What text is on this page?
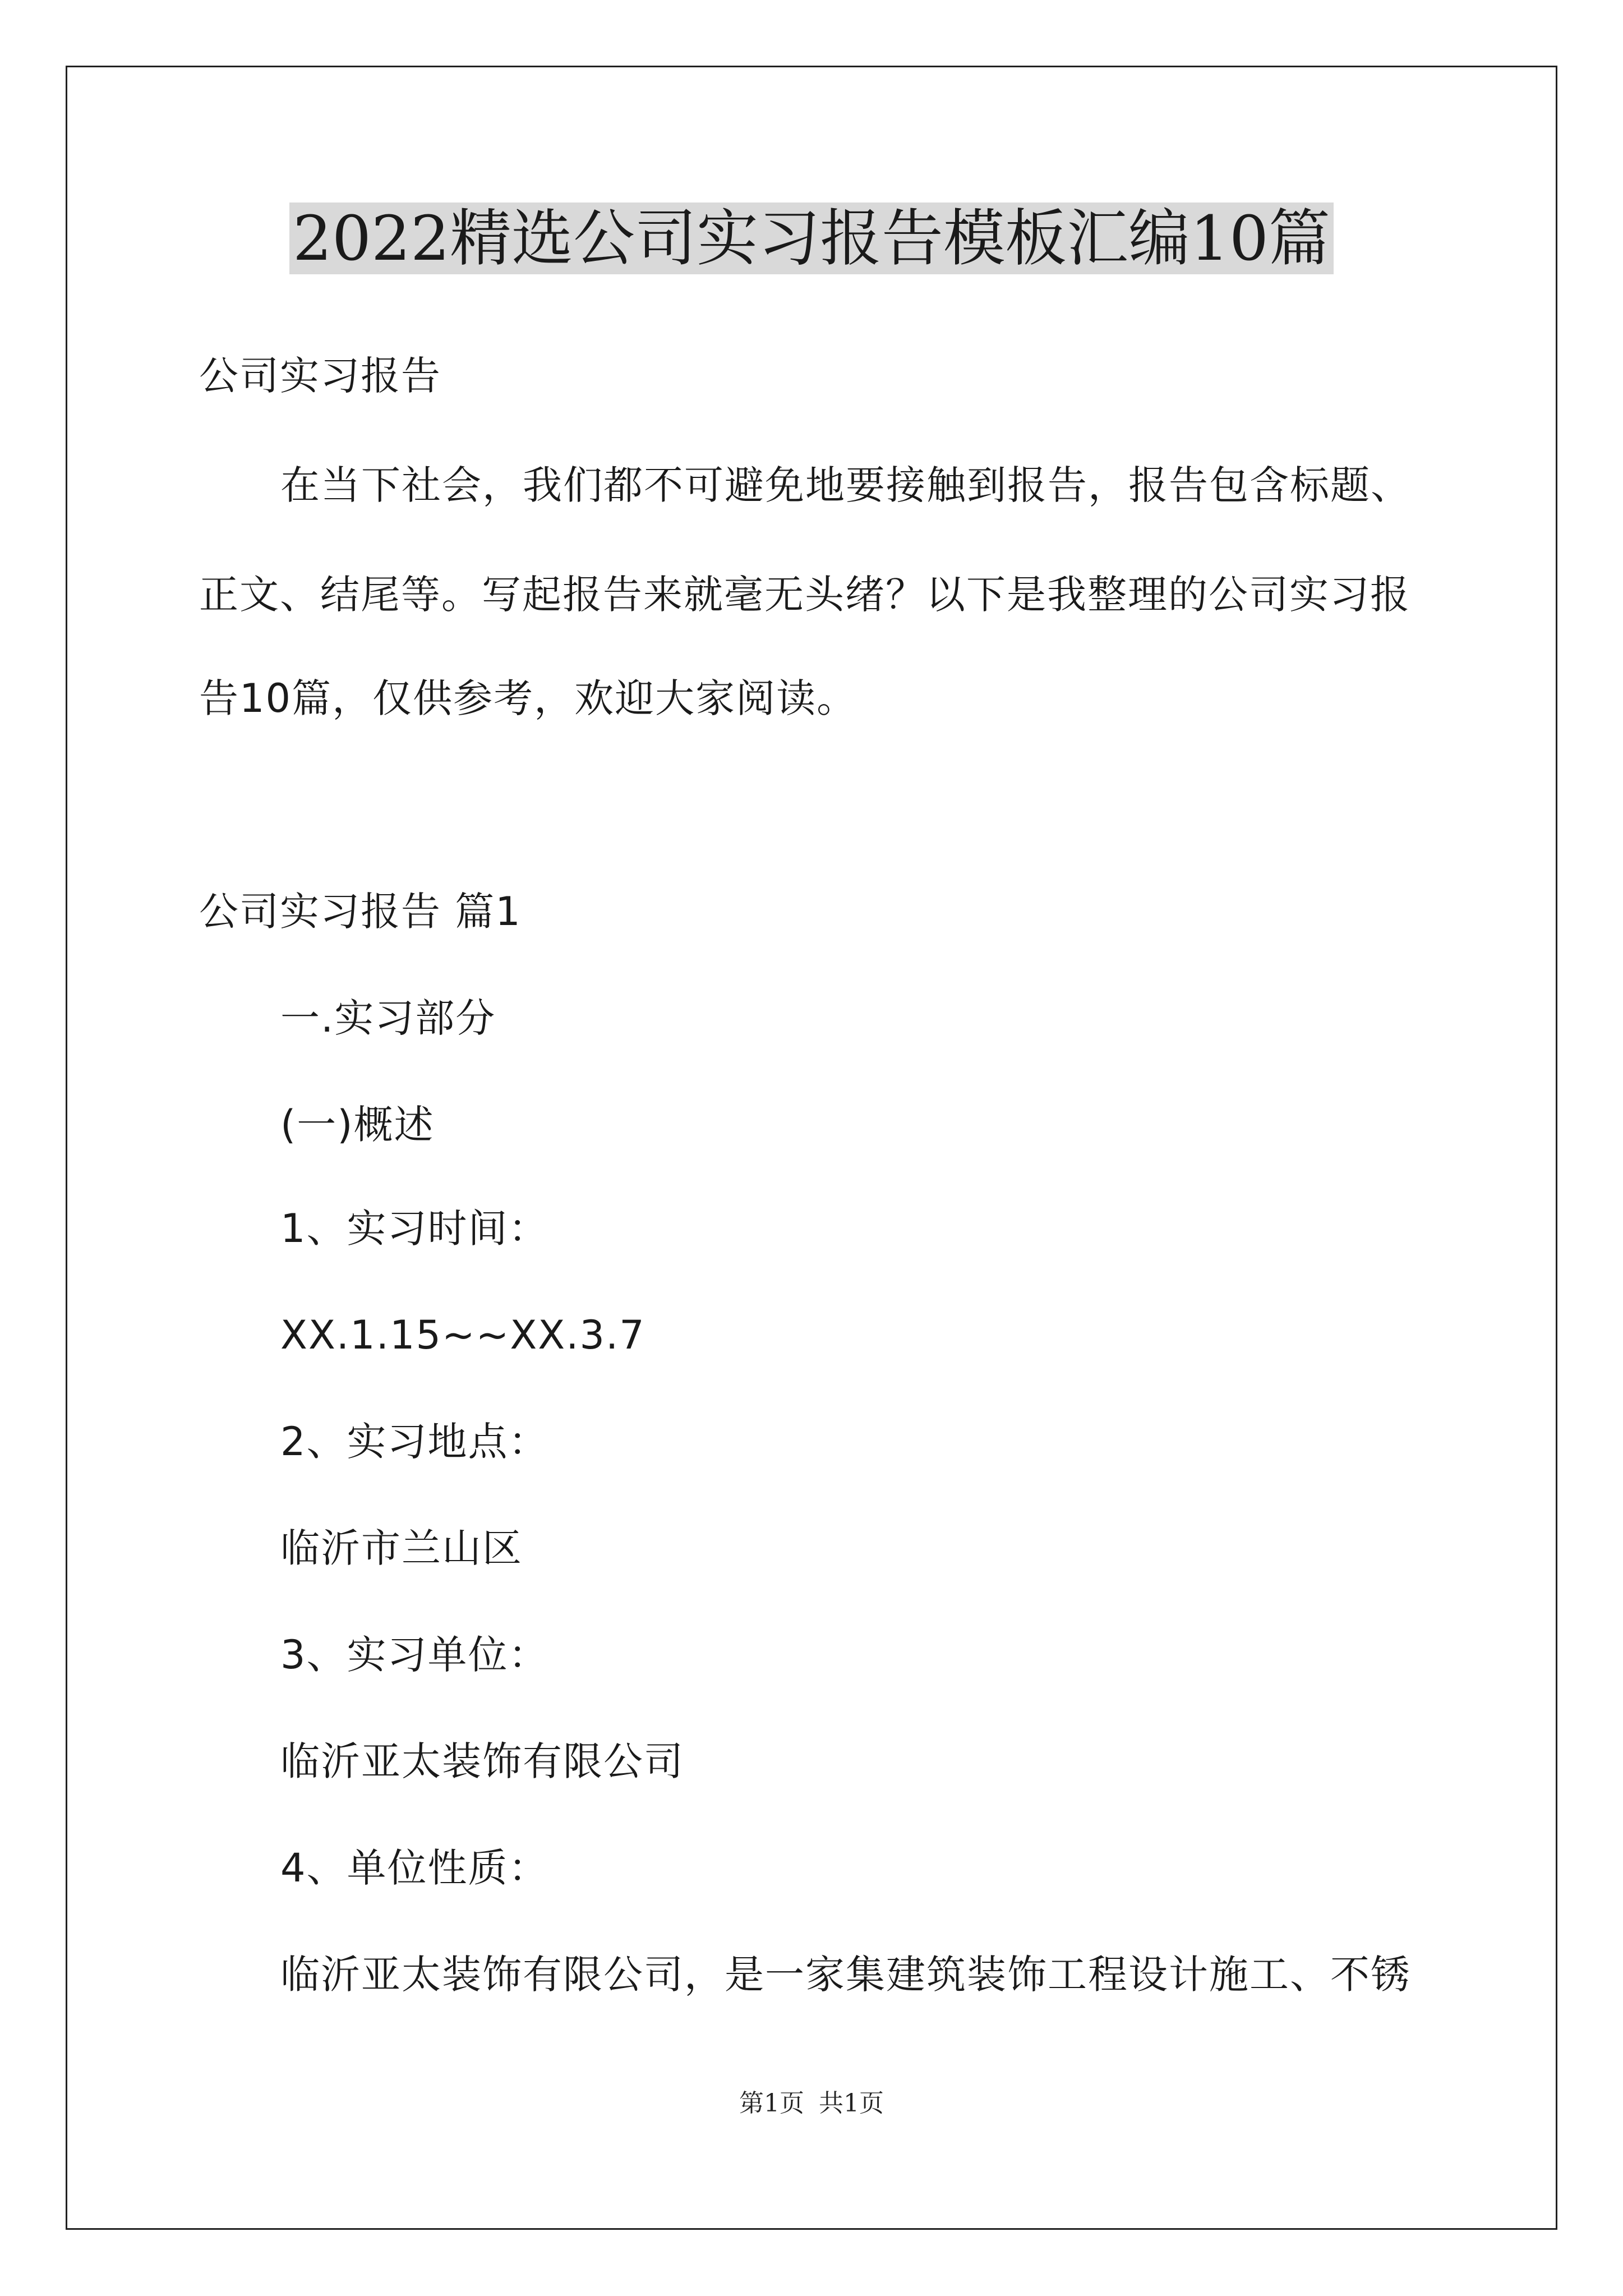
2022精选公司实习报告模板汇编10篇
公司实习报告
在当下社会，我们都不可避免地要接触到报告，报告包含标题、
正文、结尾等。写起报告来就毫无头绪？以下是我整理的公司实习报
告10篇，仅供参考，欢迎大家阅读。
公司实习报告 篇1
一.实习部分
(一)概述
1、实习时间：
XX.1.15~~XX.3.7
2、实习地点：
临沂市兰山区
3、实习单位：
临沂亚太装饰有限公司
4、单位性质：
临沂亚太装饰有限公司，是一家集建筑装饰工程设计施工、不锈
第1页 共1页
